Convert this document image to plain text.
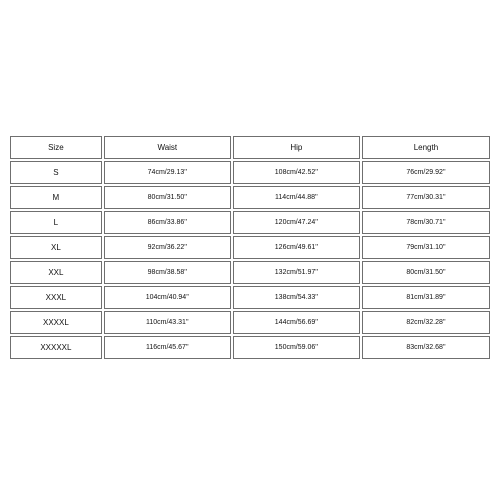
Size	Waist	Hip	Length
S	74cm/29.13''	108cm/42.52''	76cm/29.92''
M	80cm/31.50''	114cm/44.88''	77cm/30.31''
L	86cm/33.86''	120cm/47.24''	78cm/30.71''
XL	92cm/36.22''	126cm/49.61''	79cm/31.10''
XXL	98cm/38.58''	132cm/51.97''	80cm/31.50''
XXXL	104cm/40.94''	138cm/54.33''	81cm/31.89''
XXXXL	110cm/43.31''	144cm/56.69''	82cm/32.28''
XXXXXL	116cm/45.67''	150cm/59.06''	83cm/32.68''
